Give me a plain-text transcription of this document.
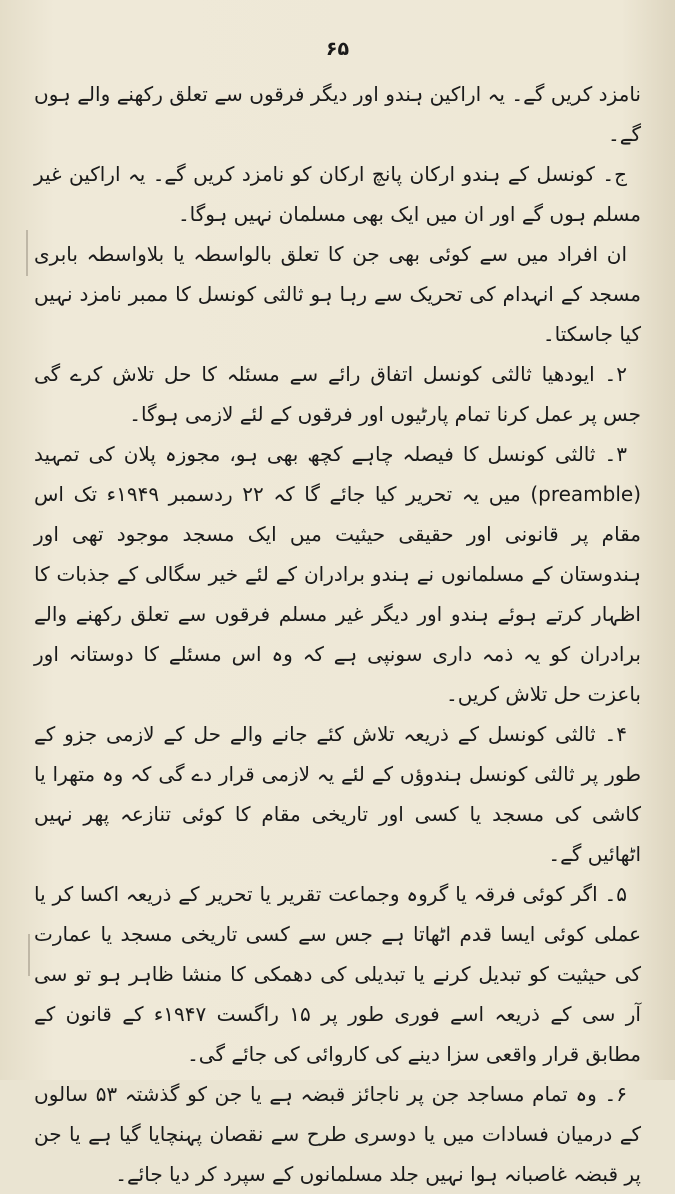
۶۵

نامزد کریں گے۔ یہ اراکین ہندو اور دیگر فرقوں سے تعلق رکھنے والے ہوں گے۔

ج۔ کونسل کے ہندو ارکان پانچ ارکان کو نامزد کریں گے۔ یہ اراکین غیر مسلم ہوں گے اور ان میں ایک بھی مسلمان نہیں ہوگا۔

ان افراد میں سے کوئی بھی جن کا تعلق بالواسطہ یا بلاواسطہ بابری مسجد کے انہدام کی تحریک سے رہا ہو ثالثی کونسل کا ممبر نامزد نہیں کیا جاسکتا۔

۲۔ ایودھیا ثالثی کونسل اتفاق رائے سے مسئلہ کا حل تلاش کرے گی جس پر عمل کرنا تمام پارٹیوں اور فرقوں کے لئے لازمی ہوگا۔

۳۔ ثالثی کونسل کا فیصلہ چاہے کچھ بھی ہو، مجوزہ پلان کی تمہید (preamble) میں یہ تحریر کیا جائے گا کہ ۲۲ ردسمبر ۱۹۴۹ء تک اس مقام پر قانونی اور حقیقی حیثیت میں ایک مسجد موجود تھی اور ہندوستان کے مسلمانوں نے ہندو برادران کے لئے خیر سگالی کے جذبات کا اظہار کرتے ہوئے ہندو اور دیگر غیر مسلم فرقوں سے تعلق رکھنے والے برادران کو یہ ذمہ داری سونپی ہے کہ وہ اس مسئلے کا دوستانہ اور باعزت حل تلاش کریں۔

۴۔ ثالثی کونسل کے ذریعہ تلاش کئے جانے والے حل کے لازمی جزو کے طور پر ثالثی کونسل ہندوؤں کے لئے یہ لازمی قرار دے گی کہ وہ متھرا یا کاشی کی مسجد یا کسی اور تاریخی مقام کا کوئی تنازعہ پھر نہیں اٹھائیں گے۔

۵۔ اگر کوئی فرقہ یا گروہ وجماعت تقریر یا تحریر کے ذریعہ اکسا کر یا عملی کوئی ایسا قدم اٹھاتا ہے جس سے کسی تاریخی مسجد یا عمارت کی حیثیت کو تبدیل کرنے یا تبدیلی کی دھمکی کا منشا ظاہر ہو تو سی آر سی کے ذریعہ اسے فوری طور پر ۱۵ راگست ۱۹۴۷ء کے قانون کے مطابق قرار واقعی سزا دینے کی کاروائی کی جائے گی۔

۶۔ وہ تمام مساجد جن پر ناجائز قبضہ ہے یا جن کو گذشتہ ۵۳ سالوں کے درمیان فسادات میں یا دوسری طرح سے نقصان پہنچایا گیا ہے یا جن پر قبضہ غاصبانہ ہوا نہیں جلد مسلمانوں کے سپرد کر دیا جائے۔
